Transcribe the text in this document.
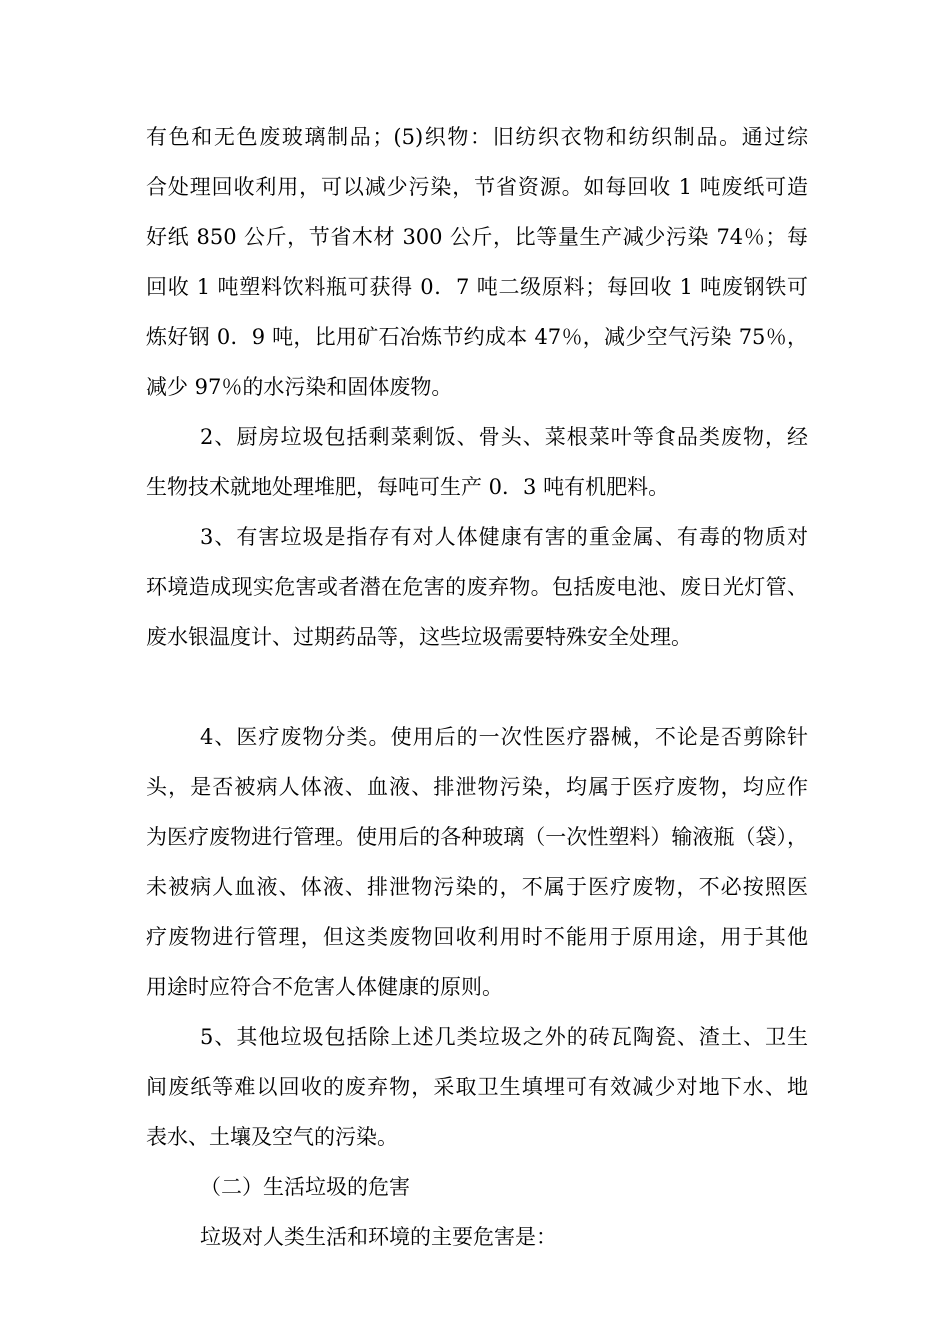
有色和无色废玻璃制品；(5)织物：旧纺织衣物和纺织制品。通过综
合处理回收利用，可以减少污染，节省资源。如每回收 1 吨废纸可造
好纸 850 公斤，节省木材 300 公斤，比等量生产减少污染 74％；每
回收 1 吨塑料饮料瓶可获得 0．7 吨二级原料；每回收 1 吨废钢铁可
炼好钢 0．9 吨，比用矿石冶炼节约成本 47％，减少空气污染 75％，
减少 97％的水污染和固体废物。
2、厨房垃圾包括剩菜剩饭、骨头、菜根菜叶等食品类废物，经
生物技术就地处理堆肥，每吨可生产 0．3 吨有机肥料。
3、有害垃圾是指存有对人体健康有害的重金属、有毒的物质对
环境造成现实危害或者潜在危害的废弃物。包括废电池、废日光灯管、
废水银温度计、过期药品等，这些垃圾需要特殊安全处理。
4、医疗废物分类。使用后的一次性医疗器械，不论是否剪除针
头，是否被病人体液、血液、排泄物污染，均属于医疗废物，均应作
为医疗废物进行管理。使用后的各种玻璃（一次性塑料）输液瓶（袋），
未被病人血液、体液、排泄物污染的，不属于医疗废物，不必按照医
疗废物进行管理，但这类废物回收利用时不能用于原用途，用于其他
用途时应符合不危害人体健康的原则。
5、其他垃圾包括除上述几类垃圾之外的砖瓦陶瓷、渣土、卫生
间废纸等难以回收的废弃物，采取卫生填埋可有效减少对地下水、地
表水、土壤及空气的污染。
（二）生活垃圾的危害
垃圾对人类生活和环境的主要危害是：
